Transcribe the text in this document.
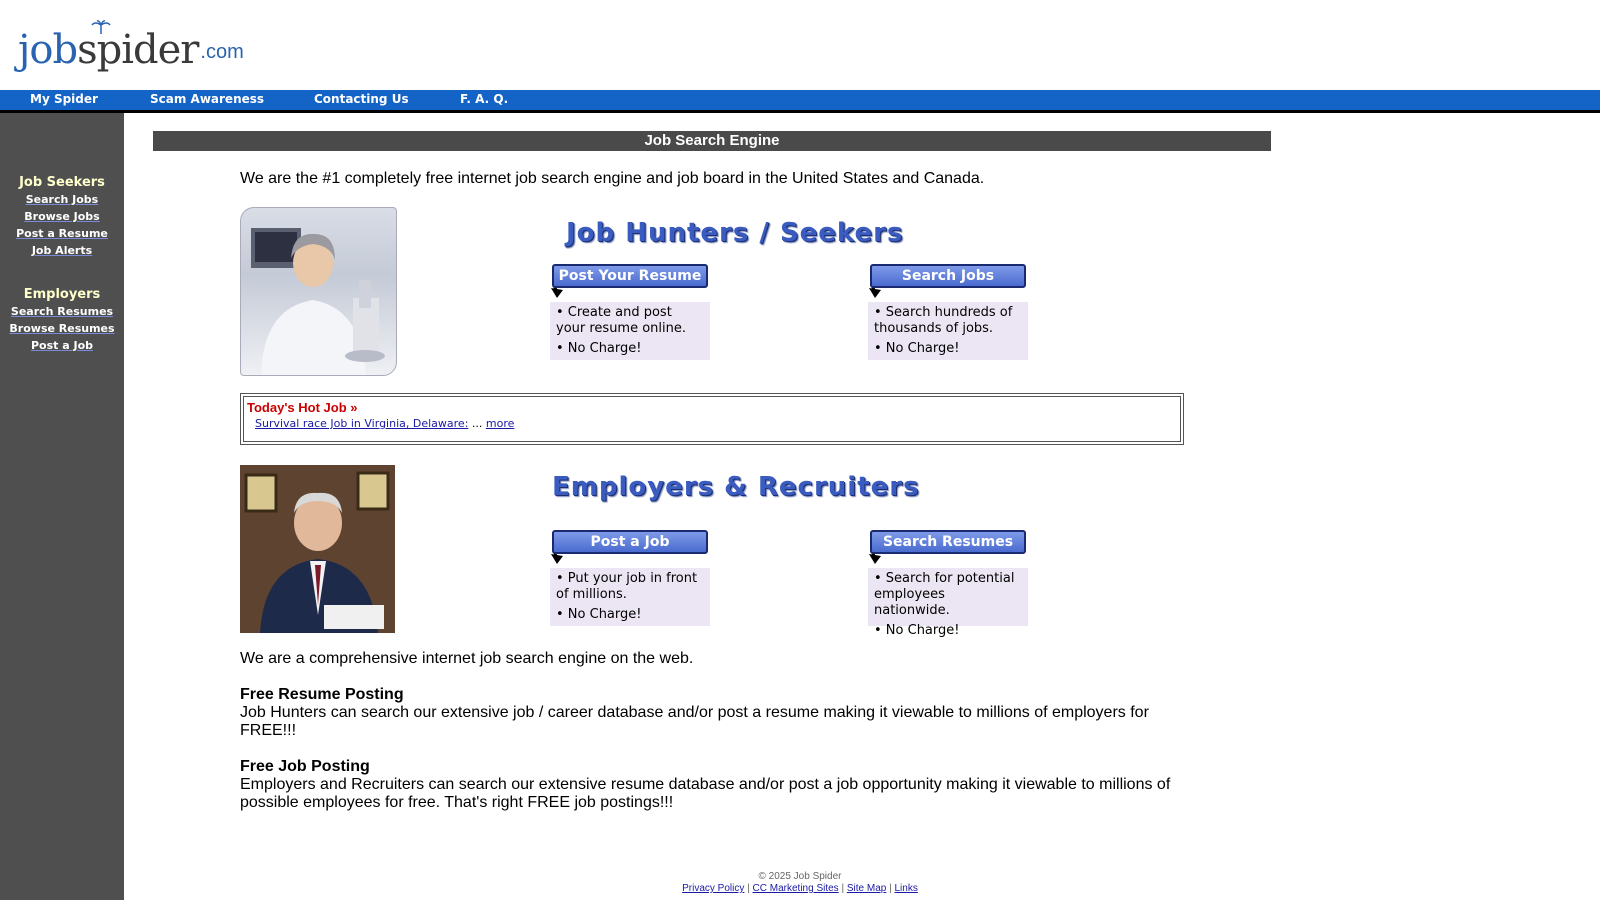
job spider .com
My Spider	Scam Awareness	Contacting Us	F. A. Q.
Job Seekers
Search Jobs
Browse Jobs
Post a Resume
Job Alerts
Employers
Search Resumes
Browse Resumes
Post a Job
Job Search Engine
We are the #1 completely free internet job search engine and job board in the United States and Canada.
Job Hunters / Seekers
Post Your Resume
• Create and post your resume online.
• No Charge!
Search Jobs
• Search hundreds of thousands of jobs.
• No Charge!
Today's Hot Job »
Survival race Job in Virginia, Delaware: ... more
Employers & Recruiters
Post a Job
• Put your job in front of millions.
• No Charge!
Search Resumes
• Search for potential employees nationwide.
• No Charge!
We are a comprehensive internet job search engine on the web.
Free Resume Posting
Job Hunters can search our extensive job / career database and/or post a resume making it viewable to millions of employers for FREE!!!
Free Job Posting
Employers and Recruiters can search our extensive resume database and/or post a job opportunity making it viewable to millions of possible employees for free. That's right FREE job postings!!!
© 2025 Job Spider
Privacy Policy | CC Marketing Sites | Site Map | Links
